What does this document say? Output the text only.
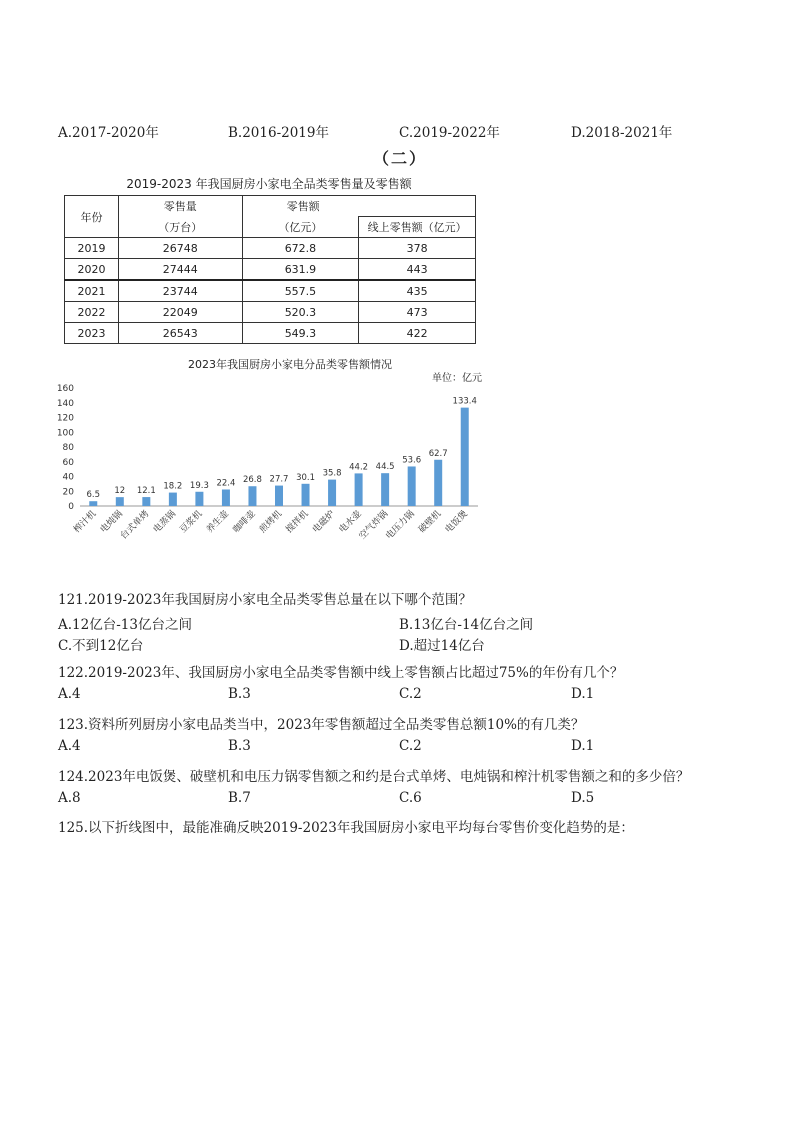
A.2017-2020年	B.2016-2019年	C.2019-2022年	D.2018-2021年
（二）
2019-2023 年我国厨房小家电全品类零售量及零售额
年份	零售量	零售额	
	（万台）	（亿元）	线上零售额（亿元）
2019	26748	672.8	378
2020	27444	631.9	443
2021	23744	557.5	435
2022	22049	520.3	473
2023	26543	549.3	422
2023年我国厨房小家电分品类零售额情况
单位：亿元
0
20
40
60
80
100
120
140
160
6.5
榨汁机
12
电炖锅
12.1
台式单烤
18.2
电蒸锅
19.3
豆浆机
22.4
养生壶
26.8
咖啡壶
27.7
煎烤机
30.1
搅拌机
35.8
电磁炉
44.2
电水壶
44.5
空气炸锅
53.6
电压力锅
62.7
破壁机
133.4
电饭煲
121.2019-2023年我国厨房小家电全品类零售总量在以下哪个范围？
A.12亿台-13亿台之间	B.13亿台-14亿台之间
C.不到12亿台	D.超过14亿台
122.2019-2023年、我国厨房小家电全品类零售额中线上零售额占比超过75%的年份有几个？
A.4	B.3	C.2	D.1
123.资料所列厨房小家电品类当中，2023年零售额超过全品类零售总额10%的有几类？
A.4	B.3	C.2	D.1
124.2023年电饭煲、破壁机和电压力锅零售额之和约是台式单烤、电炖锅和榨汁机零售额之和的多少倍？
A.8	B.7	C.6	D.5
125.以下折线图中，最能准确反映2019-2023年我国厨房小家电平均每台零售价变化趋势的是：
